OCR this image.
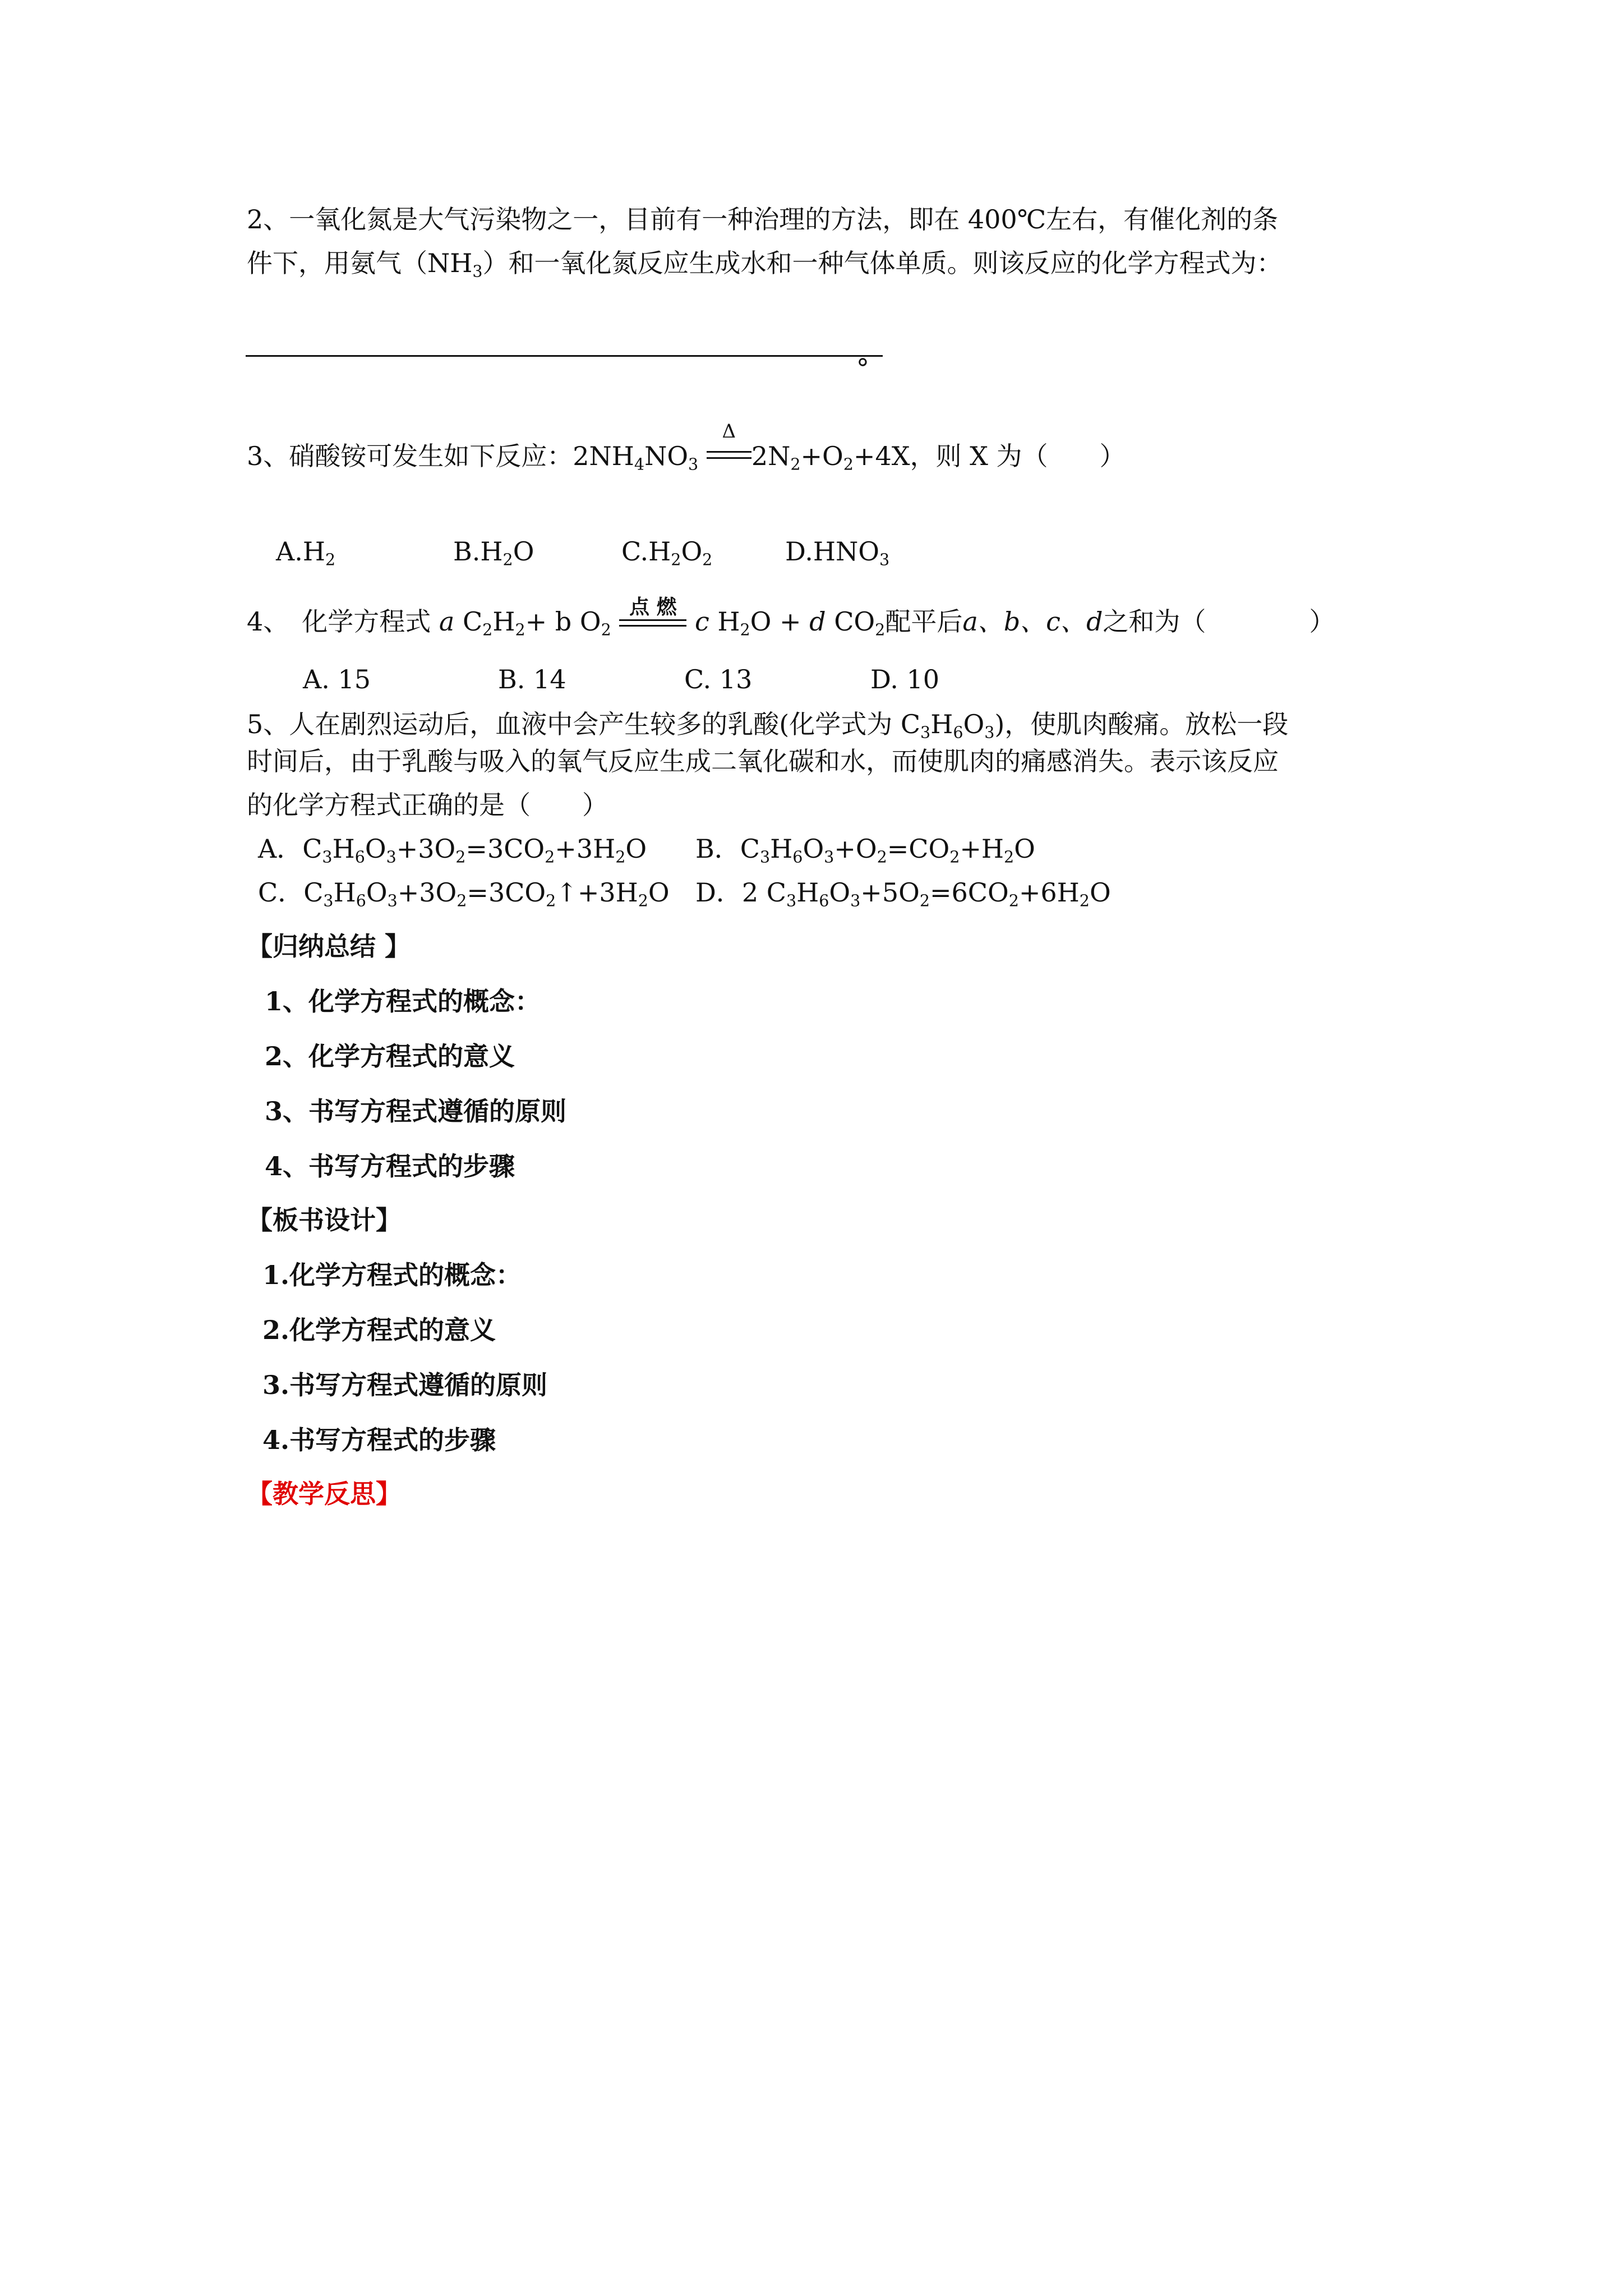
2、一氧化氮是大气污染物之一，目前有一种治理的方法，即在 400℃左右，有催化剂的条
件下，用氨气$(NH_3)$和一氧化氮反应生成水和一种气体单质。则该反应的化学方程式为：
。
3、硝酸铵可发生如下反应：$2NH_4NO_3$
Δ
$2N_2+O_2+4X$，则 X 为（　　）
$A.H_2$	$B.H_2O$	$C.H_2O_2$	$D.HNO_3$
4、　化学方程式 a $C_2H_2+ b$ $O_2$
点 燃 c $H_2O + d$ $CO_2$配平后a、b、c、d之和为（　　　　）
A. 15	B. 14	C. 13	D. 10
5、人在剧烈运动后，血液中会产生较多的乳酸(化学式为 $C_3H_6O_3$)，使肌肉酸痛。放松一段
时间后，由于乳酸与吸入的氧气反应生成二氧化碳和水，而使肌肉的痛感消失。表示该反应
的化学方程式正确的是（　　）
A．$C_3H_6O_3+3O_2=3CO_2+3H_2O$ B．$C_3H_6O_3+O_2=CO_2+H_2O$
C．$C_3H_6O_3+3O_2=3CO_2↑+3H_2O$ D．2 $C_3H_6O_3+5O_2=6CO_2+6H_2O$
【归纳总结 】
1、化学方程式的概念：
2、化学方程式的意义
3、书写方程式遵循的原则
4、书写方程式的步骤
【板书设计】
1.化学方程式的概念：
2.化学方程式的意义
3.书写方程式遵循的原则
4.书写方程式的步骤
【教学反思】
